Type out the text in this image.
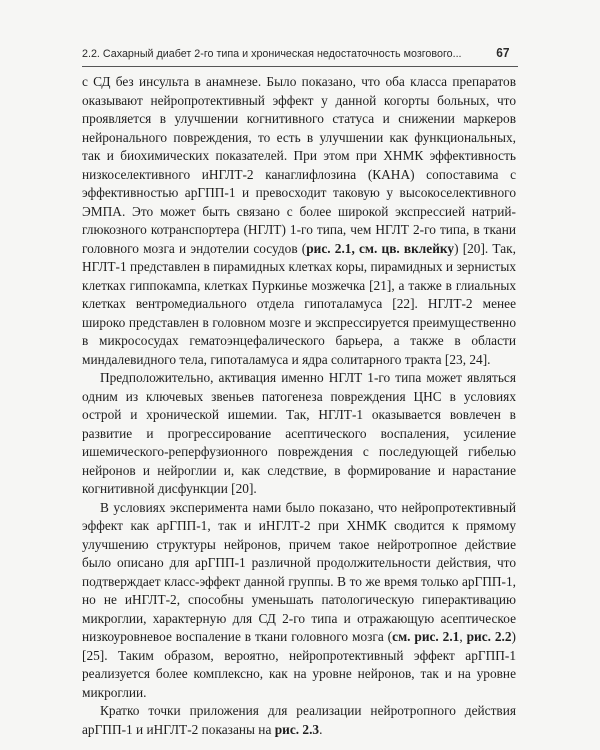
2.2. Сахарный диабет 2-го типа и хроническая недостаточность мозгового...	67

с СД без инсульта в анамнезе. Было показано, что оба класса препаратов оказывают нейропротективный эффект у данной когорты больных, что проявляется в улучшении когнитивного статуса и снижении маркеров нейронального повреждения, то есть в улучшении как функциональных, так и биохимических показателей. При этом при ХНМК эффективность низкоселективного иНГЛТ-2 канаглифлозина (КАНА) сопоставима с эффективностью арГПП-1 и превосходит таковую у высокоселективного ЭМПА. Это может быть связано с более широкой экспрессией натрий-глюкозного котранспортера (НГЛТ) 1-го типа, чем НГЛТ 2-го типа, в ткани головного мозга и эндотелии сосудов (рис. 2.1, см. цв. вклейку) [20]. Так, НГЛТ-1 представлен в пирамидных клетках коры, пирамидных и зернистых клетках гиппокампа, клетках Пуркинье мозжечка [21], а также в глиальных клетках вентромедиального отдела гипоталамуса [22]. НГЛТ-2 менее широко представлен в головном мозге и экспрессируется преимущественно в микрососудах гематоэнцефалического барьера, а также в области миндалевидного тела, гипоталамуса и ядра солитарного тракта [23, 24].

Предположительно, активация именно НГЛТ 1-го типа может являться одним из ключевых звеньев патогенеза повреждения ЦНС в условиях острой и хронической ишемии. Так, НГЛТ-1 оказывается вовлечен в развитие и прогрессирование асептического воспаления, усиление ишемического-реперфузионного повреждения с последующей гибелью нейронов и нейроглии и, как следствие, в формирование и нарастание когнитивной дисфункции [20].

В условиях эксперимента нами было показано, что нейропротективный эффект как арГПП-1, так и иНГЛТ-2 при ХНМК сводится к прямому улучшению структуры нейронов, причем такое нейротропное действие было описано для арГПП-1 различной продолжительности действия, что подтверждает класс-эффект данной группы. В то же время только арГПП-1, но не иНГЛТ-2, способны уменьшать патологическую гиперактивацию микроглии, характерную для СД 2-го типа и отражающую асептическое низкоуровневое воспаление в ткани головного мозга (см. рис. 2.1, рис. 2.2) [25]. Таким образом, вероятно, нейропротективный эффект арГПП-1 реализуется более комплексно, как на уровне нейронов, так и на уровне микроглии.

Кратко точки приложения для реализации нейротропного действия арГПП-1 и иНГЛТ-2 показаны на рис. 2.3.
